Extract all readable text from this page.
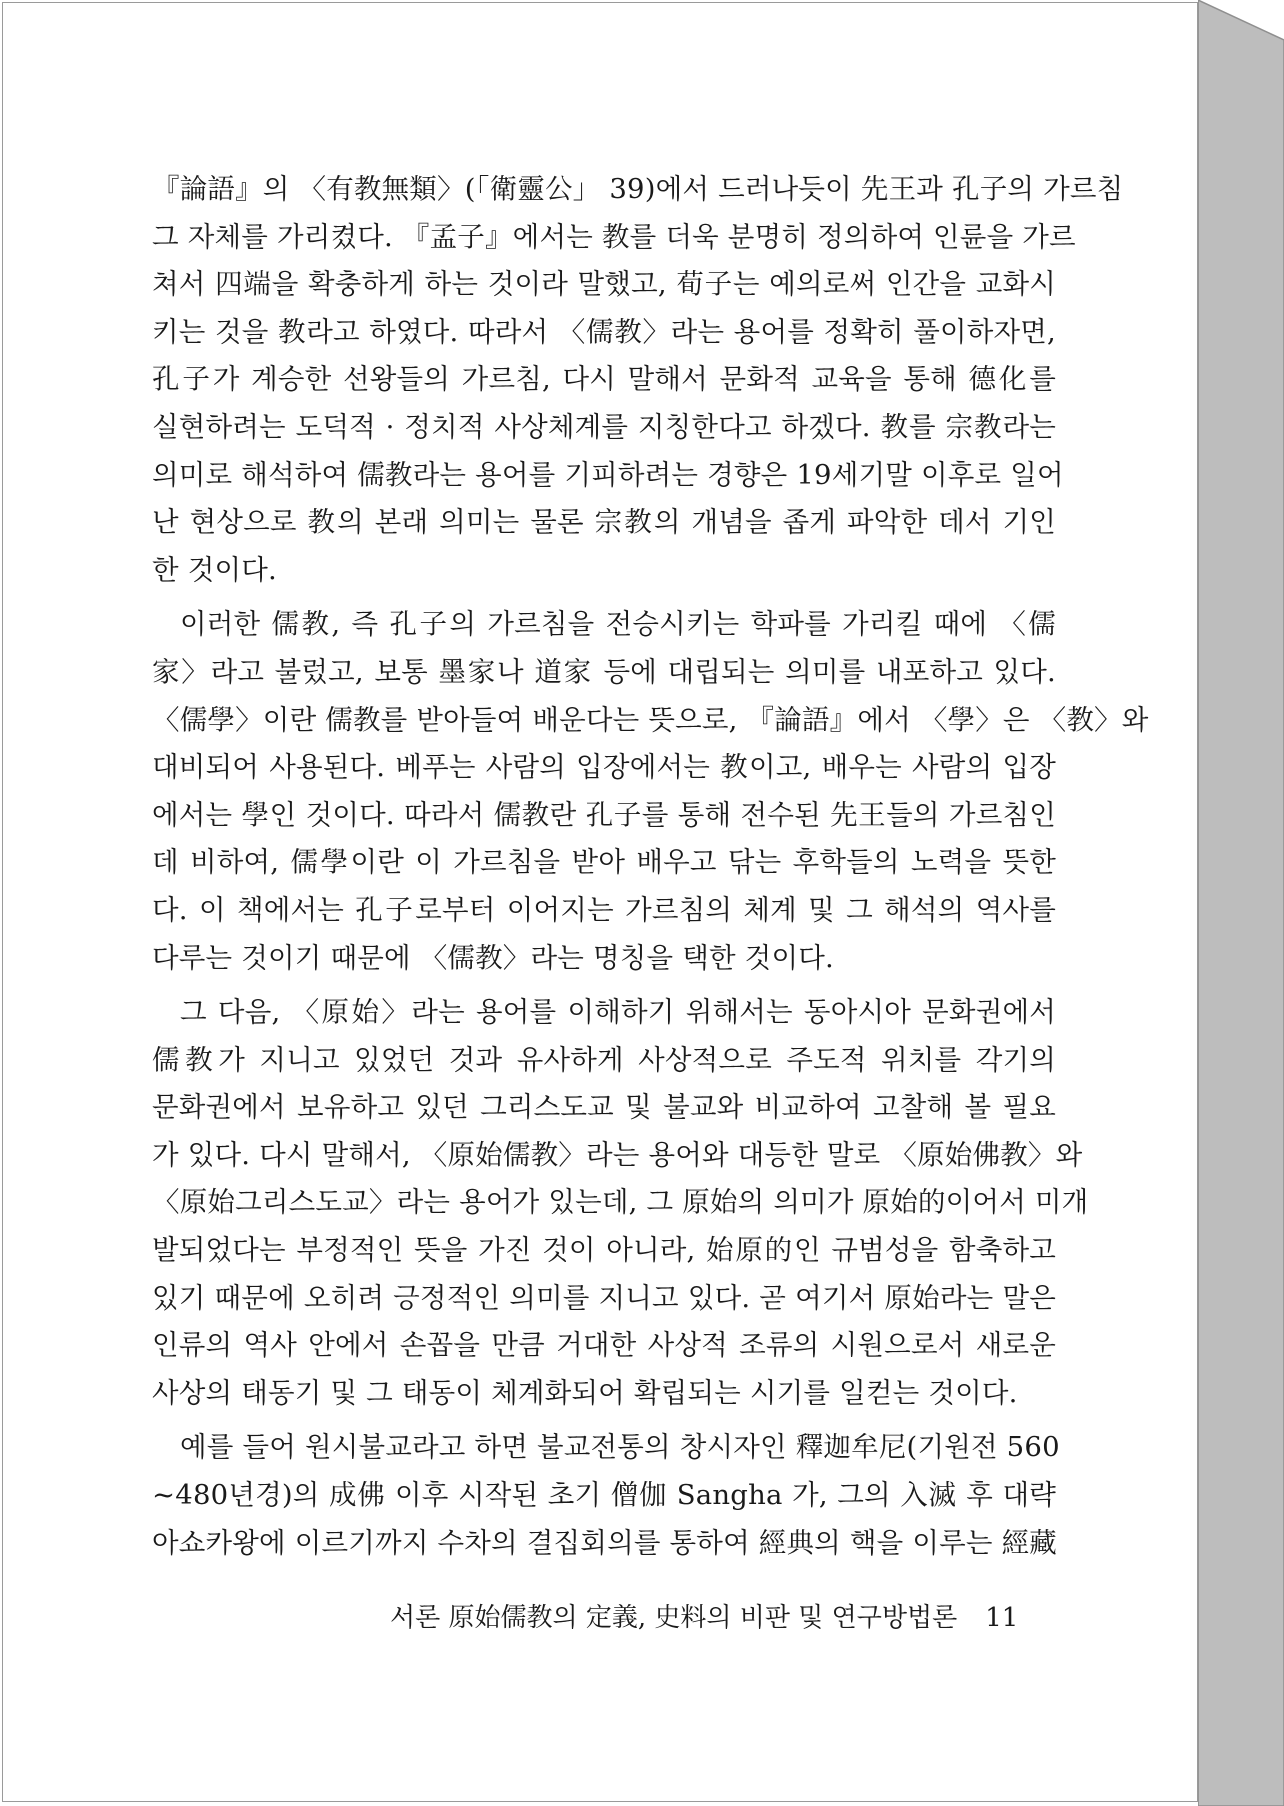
『論語』의 〈有教無類〉(「衛靈公」 39)에서 드러나듯이 先王과 孔子의 가르침
그 자체를 가리켰다. 『孟子』에서는 教를 더욱 분명히 정의하여 인륜을 가르
쳐서 四端을 확충하게 하는 것이라 말했고, 荀子는 예의로써 인간을 교화시
키는 것을 教라고 하였다. 따라서 〈儒教〉라는 용어를 정확히 풀이하자면,
孔子가 계승한 선왕들의 가르침, 다시 말해서 문화적 교육을 통해 德化를
실현하려는 도덕적 · 정치적 사상체계를 지칭한다고 하겠다. 教를 宗教라는
의미로 해석하여 儒教라는 용어를 기피하려는 경향은 19세기말 이후로 일어
난 현상으로 教의 본래 의미는 물론 宗教의 개념을 좁게 파악한 데서 기인
한 것이다.
이러한 儒教, 즉 孔子의 가르침을 전승시키는 학파를 가리킬 때에 〈儒
家〉라고 불렀고, 보통 墨家나 道家 등에 대립되는 의미를 내포하고 있다.
〈儒學〉이란 儒教를 받아들여 배운다는 뜻으로, 『論語』에서 〈學〉은 〈教〉와
대비되어 사용된다. 베푸는 사람의 입장에서는 教이고, 배우는 사람의 입장
에서는 學인 것이다. 따라서 儒教란 孔子를 통해 전수된 先王들의 가르침인
데 비하여, 儒學이란 이 가르침을 받아 배우고 닦는 후학들의 노력을 뜻한
다. 이 책에서는 孔子로부터 이어지는 가르침의 체계 및 그 해석의 역사를
다루는 것이기 때문에 〈儒教〉라는 명칭을 택한 것이다.
그 다음, 〈原始〉라는 용어를 이해하기 위해서는 동아시아 문화권에서
儒教가 지니고 있었던 것과 유사하게 사상적으로 주도적 위치를 각기의
문화권에서 보유하고 있던 그리스도교 및 불교와 비교하여 고찰해 볼 필요
가 있다. 다시 말해서, 〈原始儒教〉라는 용어와 대등한 말로 〈原始佛教〉와
〈原始그리스도교〉라는 용어가 있는데, 그 原始의 의미가 原始的이어서 미개
발되었다는 부정적인 뜻을 가진 것이 아니라, 始原的인 규범성을 함축하고
있기 때문에 오히려 긍정적인 의미를 지니고 있다. 곧 여기서 原始라는 말은
인류의 역사 안에서 손꼽을 만큼 거대한 사상적 조류의 시원으로서 새로운
사상의 태동기 및 그 태동이 체계화되어 확립되는 시기를 일컫는 것이다.
예를 들어 원시불교라고 하면 불교전통의 창시자인 釋迦牟尼(기원전 560
~480년경)의 成佛 이후 시작된 초기 僧伽 Sangha 가, 그의 入滅 후 대략
아쇼카왕에 이르기까지 수차의 결집회의를 통하여 經典의 핵을 이루는 經藏
서론 原始儒教의 定義, 史料의 비판 및 연구방법론 11
